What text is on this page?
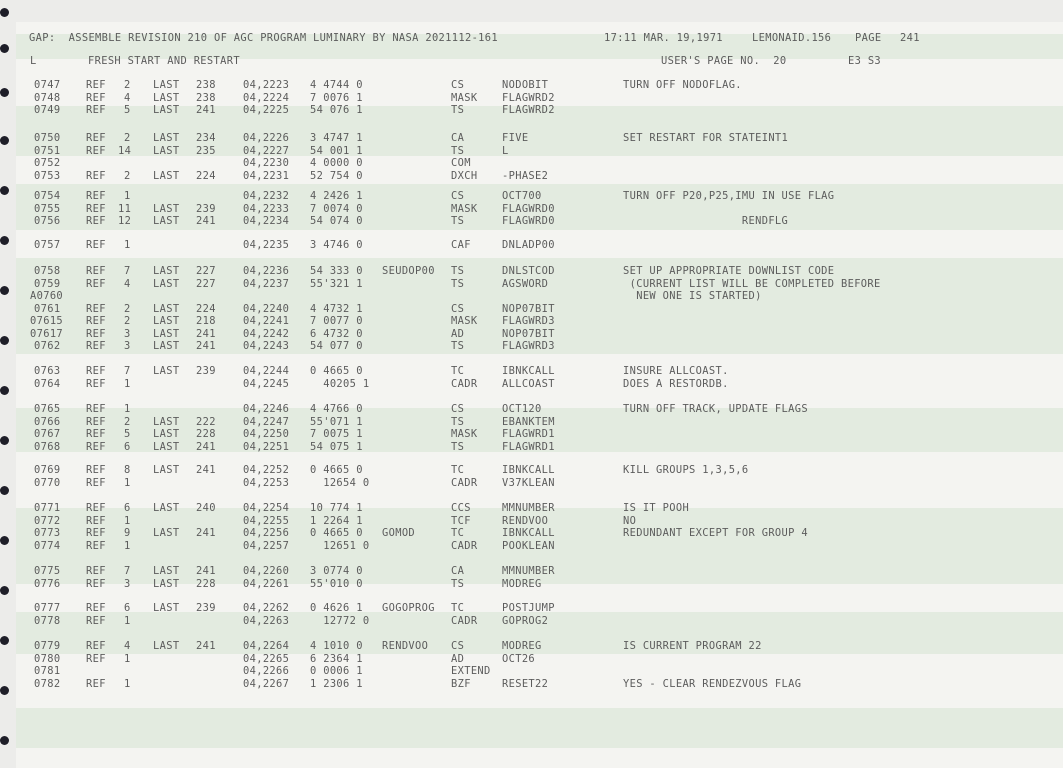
GAP:  ASSEMBLE REVISION 210 OF AGC PROGRAM LUMINARY BY NASA 2021112-161

	17:11 MAR. 19,1971

	LEMONAID.156

PAGE

241

L

	FRESH START AND RESTART

	USER'S PAGE NO.  20

	E3 S3

0747 REF 2 LAST 238	04,2223 4 4744 0	CS	NODOBIT	TURN OFF NODOFLAG.
0748 REF 4 LAST 238	04,2224 7 0076 1	MASK FLAGWRD2
0749 REF 5 LAST 241	04,2225 54 076 1	TS	FLAGWRD2
0750 REF 2 LAST 234	04,2226 3 4747 1	CA	FIVE	SET RESTART FOR STATEINT1
0751 REF 14 LAST 235	04,2227 54 001 1	TS	L
0752	04,2230 4 0000 0	COM
0753 REF 2 LAST 224	04,2231 52 754 0	DXCH -PHASE2
0754 REF 1	04,2232 4 2426 1	CS	OCT700	TURN OFF P20,P25,IMU IN USE FLAG
0755 REF 11 LAST 239	04,2233 7 0074 0	MASK FLAGWRD0
0756 REF 12 LAST 241	04,2234 54 074 0	TS	FLAGWRD0	RENDFLG
0757 REF 1	04,2235 3 4746 0	CAF	DNLADP00
0758 REF 7 LAST 227	04,2236 54 333 0 SEUDOP00 TS	DNLSTCOD	SET UP APPROPRIATE DOWNLIST CODE
0759 REF 4 LAST 227	04,2237 55'321 1	TS	AGSWORD	(CURRENT LIST WILL BE COMPLETED BEFORE
A0760	NEW ONE IS STARTED)
0761 REF 2 LAST 224	04,2240 4 4732 1	CS	NOP07BIT
07615 REF 2 LAST 218	04,2241 7 0077 0	MASK FLAGWRD3
07617 REF 3 LAST 241	04,2242 6 4732 0	AD	NOP07BIT
0762 REF 3 LAST 241	04,2243 54 077 0	TS	FLAGWRD3
0763 REF 7 LAST 239	04,2244 0 4665 0	TC	IBNKCALL	INSURE ALLCOAST.
0764 REF 1	04,2245 40205 1	CADR ALLCOAST	DOES A RESTORDB.
0765 REF 1	04,2246 4 4766 0	CS	OCT120	TURN OFF TRACK, UPDATE FLAGS
0766 REF 2 LAST 222	04,2247 55'071 1	TS	EBANKTEM
0767 REF 5 LAST 228	04,2250 7 0075 1	MASK FLAGWRD1
0768 REF 6 LAST 241	04,2251 54 075 1	TS	FLAGWRD1
0769 REF 8 LAST 241	04,2252 0 4665 0	TC	IBNKCALL	KILL GROUPS 1,3,5,6
0770 REF 1	04,2253 12654 0	CADR V37KLEAN
0771 REF 6 LAST 240	04,2254 10 774 1	CCS	MMNUMBER	IS IT POOH
0772 REF 1	04,2255 1 2264 1	TCF	RENDVOO	NO
0773 REF 9 LAST 241	04,2256 0 4665 0 GOMOD	TC	IBNKCALL	REDUNDANT EXCEPT FOR GROUP 4
0774 REF 1	04,2257 12651 0	CADR POOKLEAN
0775 REF 7 LAST 241	04,2260 3 0774 0	CA	MMNUMBER
0776 REF 3 LAST 228	04,2261 55'010 0	TS	MODREG
0777 REF 6 LAST 239	04,2262 0 4626 1 GOGOPROG TC	POSTJUMP
0778 REF 1	04,2263 12772 0	CADR GOPROG2
0779 REF 4 LAST 241	04,2264 4 1010 0 RENDVOO CS	MODREG	IS CURRENT PROGRAM 22
0780 REF 1	04,2265 6 2364 1	AD	OCT26
0781	04,2266 0 0006 1	EXTEND
0782 REF 1	04,2267 1 2306 1	BZF	RESET22	YES - CLEAR RENDEZVOUS FLAG
